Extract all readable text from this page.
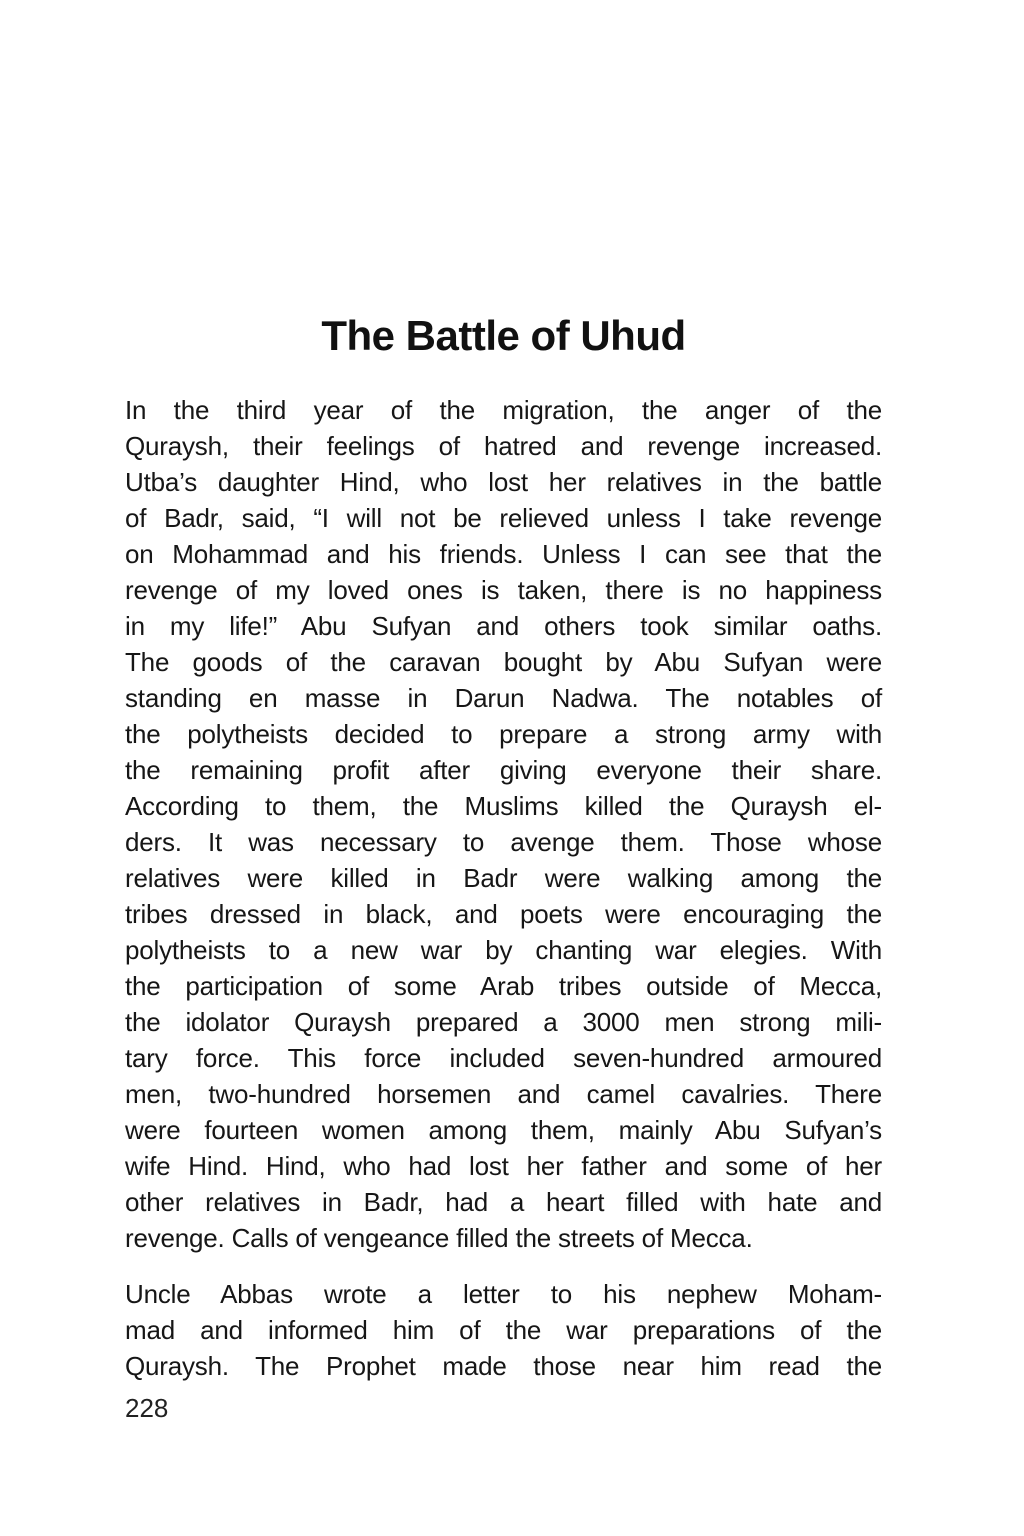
The Battle of Uhud
In the third year of the migration, the anger of the
Quraysh, their feelings of hatred and revenge increased.
Utba’s daughter Hind, who lost her relatives in the battle
of Badr, said, “I will not be relieved unless I take revenge
on Mohammad and his friends. Unless I can see that the
revenge of my loved ones is taken, there is no happiness
in my life!” Abu Sufyan and others took similar oaths.
The goods of the caravan bought by Abu Sufyan were
standing en masse in Darun Nadwa. The notables of
the polytheists decided to prepare a strong army with
the remaining profit after giving everyone their share.
According to them, the Muslims killed the Quraysh el-
ders. It was necessary to avenge them. Those whose
relatives were killed in Badr were walking among the
tribes dressed in black, and poets were encouraging the
polytheists to a new war by chanting war elegies. With
the participation of some Arab tribes outside of Mecca,
the idolator Quraysh prepared a 3000 men strong mili-
tary force. This force included seven-hundred armoured
men, two-hundred horsemen and camel cavalries. There
were fourteen women among them, mainly Abu Sufyan’s
wife Hind. Hind, who had lost her father and some of her
other relatives in Badr, had a heart filled with hate and
revenge. Calls of vengeance filled the streets of Mecca.
Uncle Abbas wrote a letter to his nephew Moham-
mad and informed him of the war preparations of the
Quraysh. The Prophet made those near him read the
228
